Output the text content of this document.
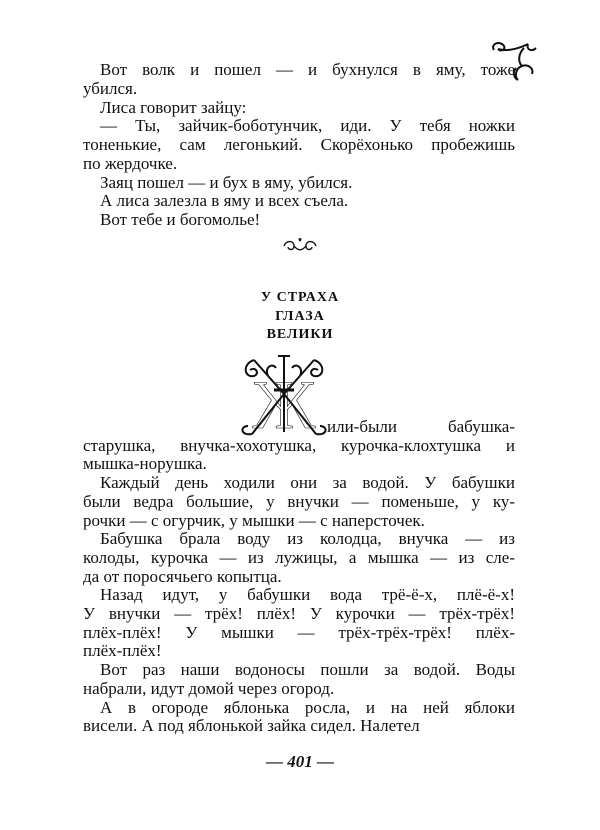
Вот волк и пошел — и бухнулся в яму, тоже
убился.
Лиса говорит зайцу:
— Ты, зайчик-боботунчик, иди. У тебя ножки
тоненькие, сам легонький. Скорёхонько пробежишь
по жердочке.
Заяц пошел — и бух в яму, убился.
А лиса залезла в яму и всех съела.
Вот тебе и богомолье!
У СТРАХА
ГЛАЗА
ВЕЛИКИ
Ж или-были бабушка-
старушка, внучка-хохотушка, курочка-клохтушка и
мышка-норушка.
Каждый день ходили они за водой. У бабушки
были ведра большие, у внучки — поменьше, у ку-
рочки — с огурчик, у мышки — с наперсточек.
Бабушка брала воду из колодца, внучка — из
колоды, курочка — из лужицы, а мышка — из сле-
да от поросячьего копытца.
Назад идут, у бабушки вода трё-ё-х, плё-ё-х!
У внучки — трёх! плёх! У курочки — трёх-трёх!
плёх-плёх! У мышки — трёх-трёх-трёх! плёх-
плёх-плёх!
Вот раз наши водоносы пошли за водой. Воды
набрали, идут домой через огород.
А в огороде яблонька росла, и на ней яблоки
висели. А под яблонькой зайка сидел. Налетел
— 401 —
